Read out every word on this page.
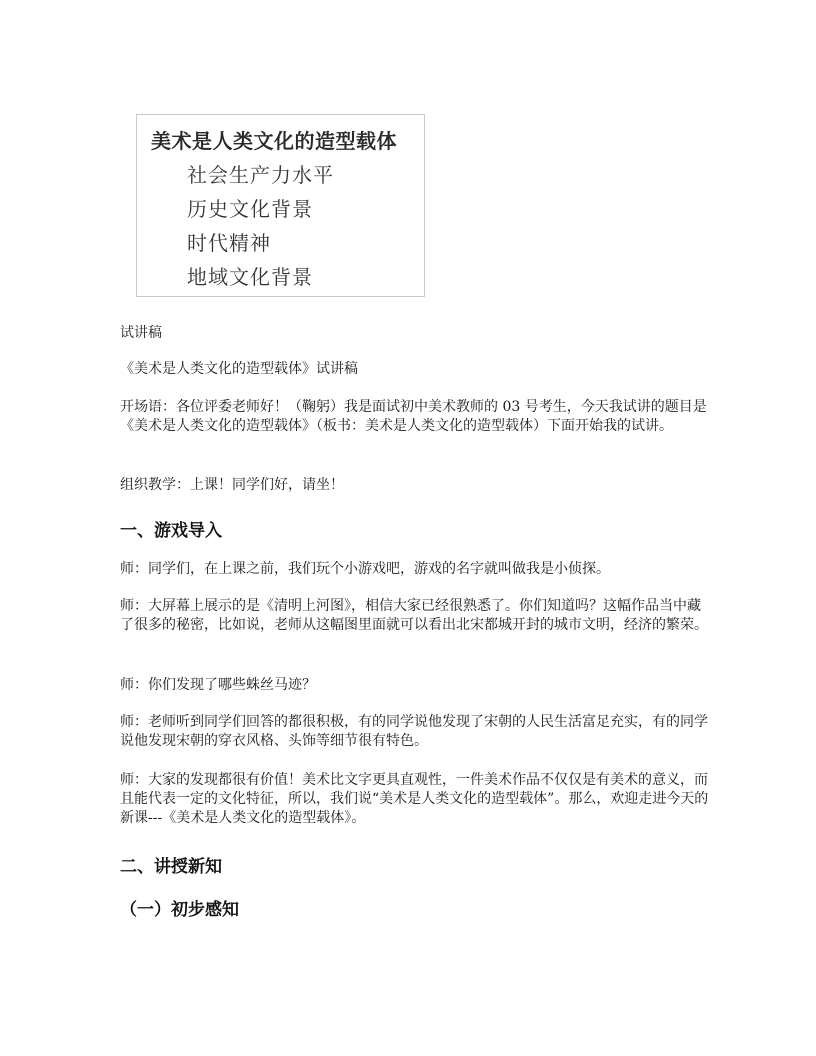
美术是人类文化的造型载体
社会生产力水平
历史文化背景
时代精神
地域文化背景
试讲稿
《美术是人类文化的造型载体》试讲稿
开场语：各位评委老师好！（鞠躬）我是面试初中美术教师的 03 号考生，今天我试讲的题目是《美术是人类文化的造型载体》（板书：美术是人类文化的造型载体）下面开始我的试讲。
组织教学：上课！同学们好，请坐！
一、游戏导入
师：同学们，在上课之前，我们玩个小游戏吧，游戏的名字就叫做我是小侦探。
师：大屏幕上展示的是《清明上河图》，相信大家已经很熟悉了。你们知道吗？这幅作品当中藏了很多的秘密，比如说，老师从这幅图里面就可以看出北宋都城开封的城市文明，经济的繁荣。
师：你们发现了哪些蛛丝马迹？
师：老师听到同学们回答的都很积极，有的同学说他发现了宋朝的人民生活富足充实，有的同学说他发现宋朝的穿衣风格、头饰等细节很有特色。
师：大家的发现都很有价值！美术比文字更具直观性，一件美术作品不仅仅是有美术的意义，而且能代表一定的文化特征，所以，我们说“美术是人类文化的造型载体”。那么，欢迎走进今天的新课---《美术是人类文化的造型载体》。
二、讲授新知
（一）初步感知
